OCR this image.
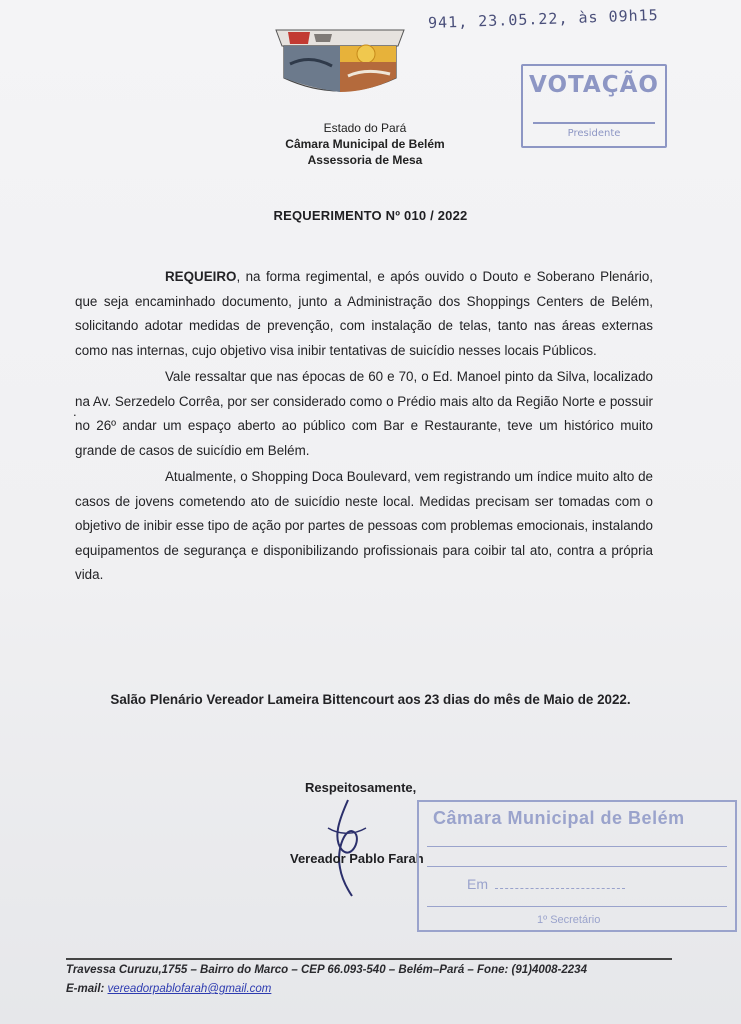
941, 23.05.22, às 09h15
Estado do Pará
Câmara Municipal de Belém
Assessoria de Mesa
VOTAÇÃO
Presidente
REQUERIMENTO Nº 010 / 2022
.

REQUEIRO, na forma regimental, e após ouvido o Douto e Soberano Plenário, que seja encaminhado documento, junto a Administração dos Shoppings Centers de Belém, solicitando adotar medidas de prevenção, com instalação de telas, tanto nas áreas externas como nas internas, cujo objetivo visa inibir tentativas de suicídio nesses locais Públicos.

Vale ressaltar que nas épocas de 60 e 70, o Ed. Manoel pinto da Silva, localizado na Av. Serzedelo Corrêa, por ser considerado como o Prédio mais alto da Região Norte e possuir no 26º andar um espaço aberto ao público com Bar e Restaurante, teve um histórico muito grande de casos de suicídio em Belém.

Atualmente, o Shopping Doca Boulevard, vem registrando um índice muito alto de casos de jovens cometendo ato de suicídio neste local. Medidas precisam ser tomadas com o objetivo de inibir esse tipo de ação por partes de pessoas com problemas emocionais, instalando equipamentos de segurança e disponibilizando profissionais para coibir tal ato, contra a própria vida.

Salão Plenário Vereador Lameira Bittencourt aos 23 dias do mês de Maio de 2022.
Respeitosamente,
Vereador Pablo Farah
Câmara Municipal de Belém
Em
1º Secretário
Travessa Curuzu,1755 – Bairro do Marco – CEP 66.093-540 – Belém–Pará – Fone: (91)4008-2234
E-mail: vereadorpablofarah@gmail.com
